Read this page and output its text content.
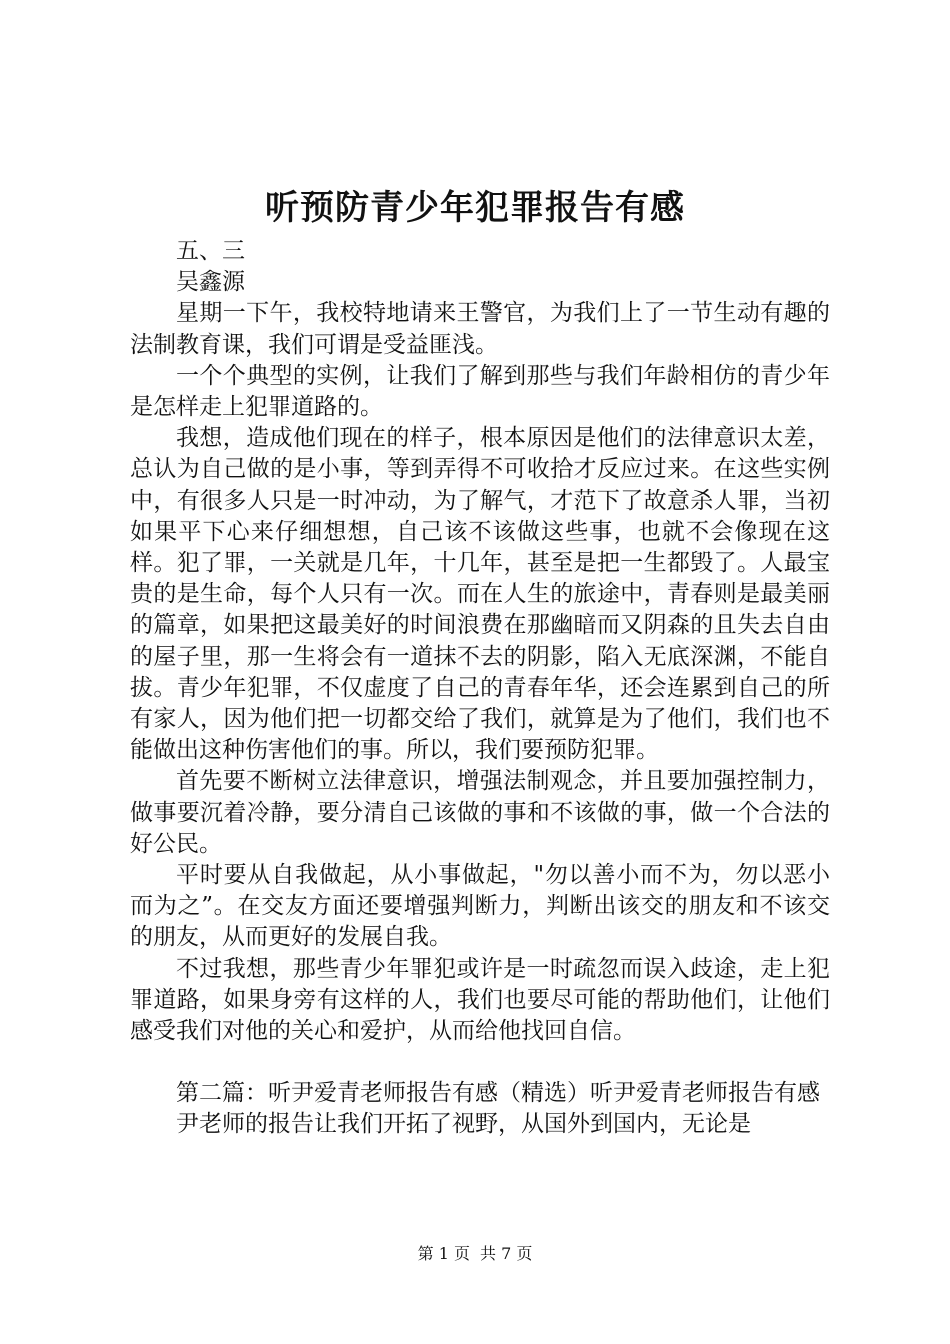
听预防青少年犯罪报告有感

五、三

吴鑫源

星期一下午，我校特地请来王警官，为我们上了一节生动有趣的法制教育课，我们可谓是受益匪浅。

一个个典型的实例，让我们了解到那些与我们年龄相仿的青少年是怎样走上犯罪道路的。

我想，造成他们现在的样子，根本原因是他们的法律意识太差，总认为自己做的是小事，等到弄得不可收拾才反应过来。在这些实例中，有很多人只是一时冲动，为了解气，才范下了故意杀人罪，当初如果平下心来仔细想想，自己该不该做这些事，也就不会像现在这样。犯了罪，一关就是几年，十几年，甚至是把一生都毁了。人最宝贵的是生命，每个人只有一次。而在人生的旅途中，青春则是最美丽的篇章，如果把这最美好的时间浪费在那幽暗而又阴森的且失去自由的屋子里，那一生将会有一道抹不去的阴影，陷入无底深渊，不能自拔。青少年犯罪，不仅虚度了自己的青春年华，还会连累到自己的所有家人，因为他们把一切都交给了我们，就算是为了他们，我们也不能做出这种伤害他们的事。所以，我们要预防犯罪。

首先要不断树立法律意识，增强法制观念，并且要加强控制力，做事要沉着冷静，要分清自己该做的事和不该做的事，做一个合法的好公民。

平时要从自我做起，从小事做起，"勿以善小而不为，勿以恶小而为之”。在交友方面还要增强判断力，判断出该交的朋友和不该交的朋友，从而更好的发展自我。

不过我想，那些青少年罪犯或许是一时疏忽而误入歧途，走上犯罪道路，如果身旁有这样的人，我们也要尽可能的帮助他们，让他们感受我们对他的关心和爱护，从而给他找回自信。

第二篇：听尹爱青老师报告有感（精选）听尹爱青老师报告有感

尹老师的报告让我们开拓了视野，从国外到国内，无论是

第 1 页 共 7 页
